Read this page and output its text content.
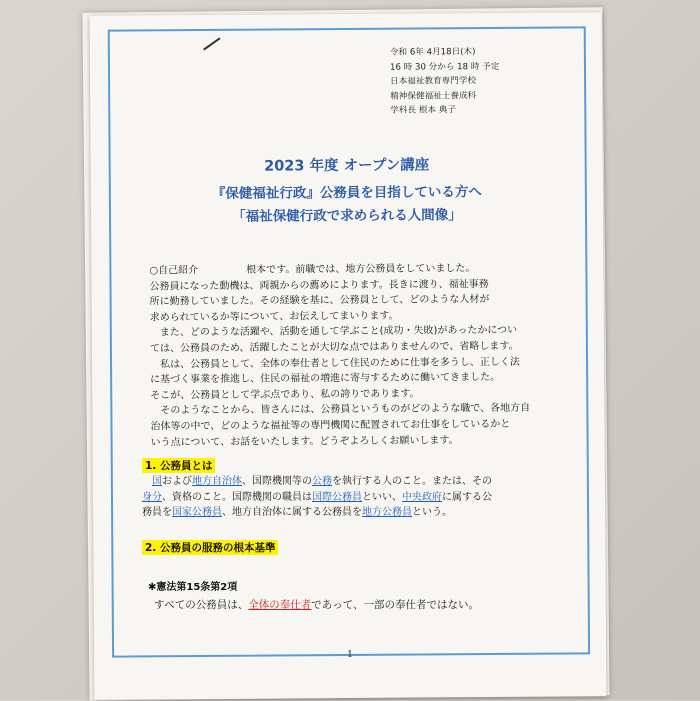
令和 6年 4月18日(木)
16 時 30 分から 18 時 予定
日本福祉教育専門学校
精神保健福祉士養成科
学科長 根本 典子
2023 年度 オープン講座
『保健福祉行政』公務員を目指している方へ
「福祉保健行政で求められる人間像」

○自己紹介	根本です。前職では、地方公務員をしていました。

公務員になった動機は、両親からの薦めによります。長きに渡り、福祉事務

所に勤務していました。その経験を基に、公務員として、どのような人材が

求められているか等について、お伝えしてまいります。

また、どのような活躍や、活動を通して学ぶこと(成功・失敗)があったかについ

ては、公務員のため、活躍したことが大切な点ではありませんので、省略します。

私は、公務員として、全体の奉仕者として住民のために仕事を多うし、正しく法

に基づく事業を推進し、住民の福祉の増進に寄与するために働いてきました。

そこが、公務員として学ぶ点であり、私の誇りであります。

そのようなことから、皆さんには、公務員というものがどのような職で、各地方自

治体等の中で、どのような福祉等の専門機関に配置されてお仕事をしているかと

いう点について、お話をいたします。どうぞよろしくお願いします。

1. 公務員とは
　国および地方自治体、国際機関等の公務を執行する人のこと。または、その
身分、資格のこと。国際機関の職員は国際公務員といい、中央政府に属する公
務員を国家公務員、地方自治体に属する公務員を地方公務員という。
2. 公務員の服務の根本基準
✱憲法第15条第2項
すべての公務員は、全体の奉仕者であって、一部の奉仕者ではない。
1
